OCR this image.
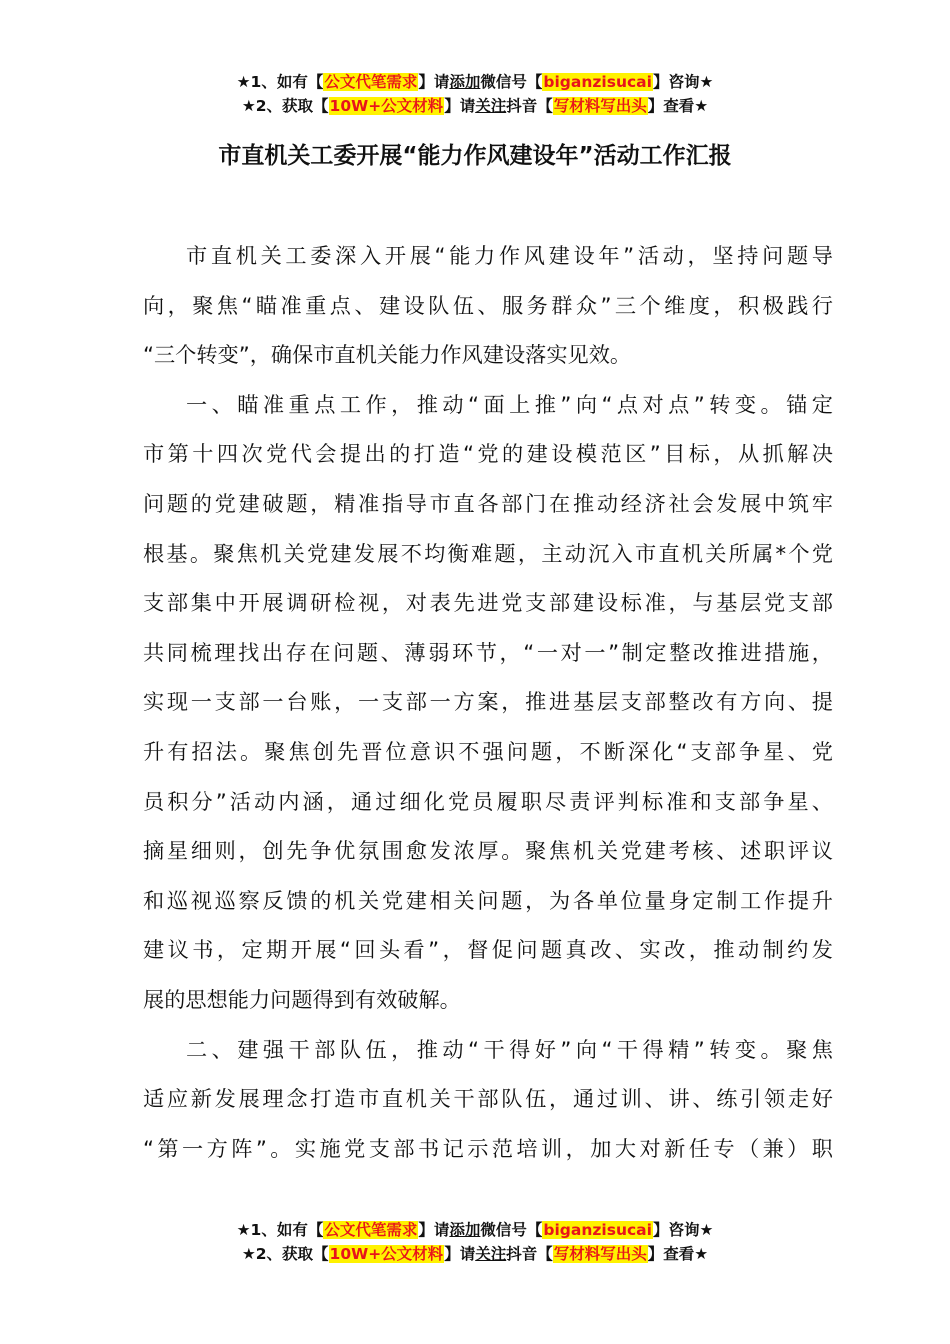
★1、如有【公文代笔需求】请添加微信号【biganzisucai】咨询★
★2、获取【10W+公文材料】请关注抖音【写材料写出头】查看★
市直机关工委开展“能力作风建设年”活动工作汇报
市直机关工委深入开展“能力作风建设年”活动，坚持问题导
向，聚焦“瞄准重点、建设队伍、服务群众”三个维度，积极践行
“三个转变”，确保市直机关能力作风建设落实见效。
一、瞄准重点工作，推动“面上推”向“点对点”转变。锚定
市第十四次党代会提出的打造“党的建设模范区”目标，从抓解决
问题的党建破题，精准指导市直各部门在推动经济社会发展中筑牢
根基。聚焦机关党建发展不均衡难题，主动沉入市直机关所属*个党
支部集中开展调研检视，对表先进党支部建设标准，与基层党支部
共同梳理找出存在问题、薄弱环节，“一对一”制定整改推进措施，
实现一支部一台账，一支部一方案，推进基层支部整改有方向、提
升有招法。聚焦创先晋位意识不强问题，不断深化“支部争星、党
员积分”活动内涵，通过细化党员履职尽责评判标准和支部争星、
摘星细则，创先争优氛围愈发浓厚。聚焦机关党建考核、述职评议
和巡视巡察反馈的机关党建相关问题，为各单位量身定制工作提升
建议书，定期开展“回头看”，督促问题真改、实改，推动制约发
展的思想能力问题得到有效破解。
二、建强干部队伍，推动“干得好”向“干得精”转变。聚焦
适应新发展理念打造市直机关干部队伍，通过训、讲、练引领走好
“第一方阵”。实施党支部书记示范培训，加大对新任专（兼）职
★1、如有【公文代笔需求】请添加微信号【biganzisucai】咨询★
★2、获取【10W+公文材料】请关注抖音【写材料写出头】查看★
